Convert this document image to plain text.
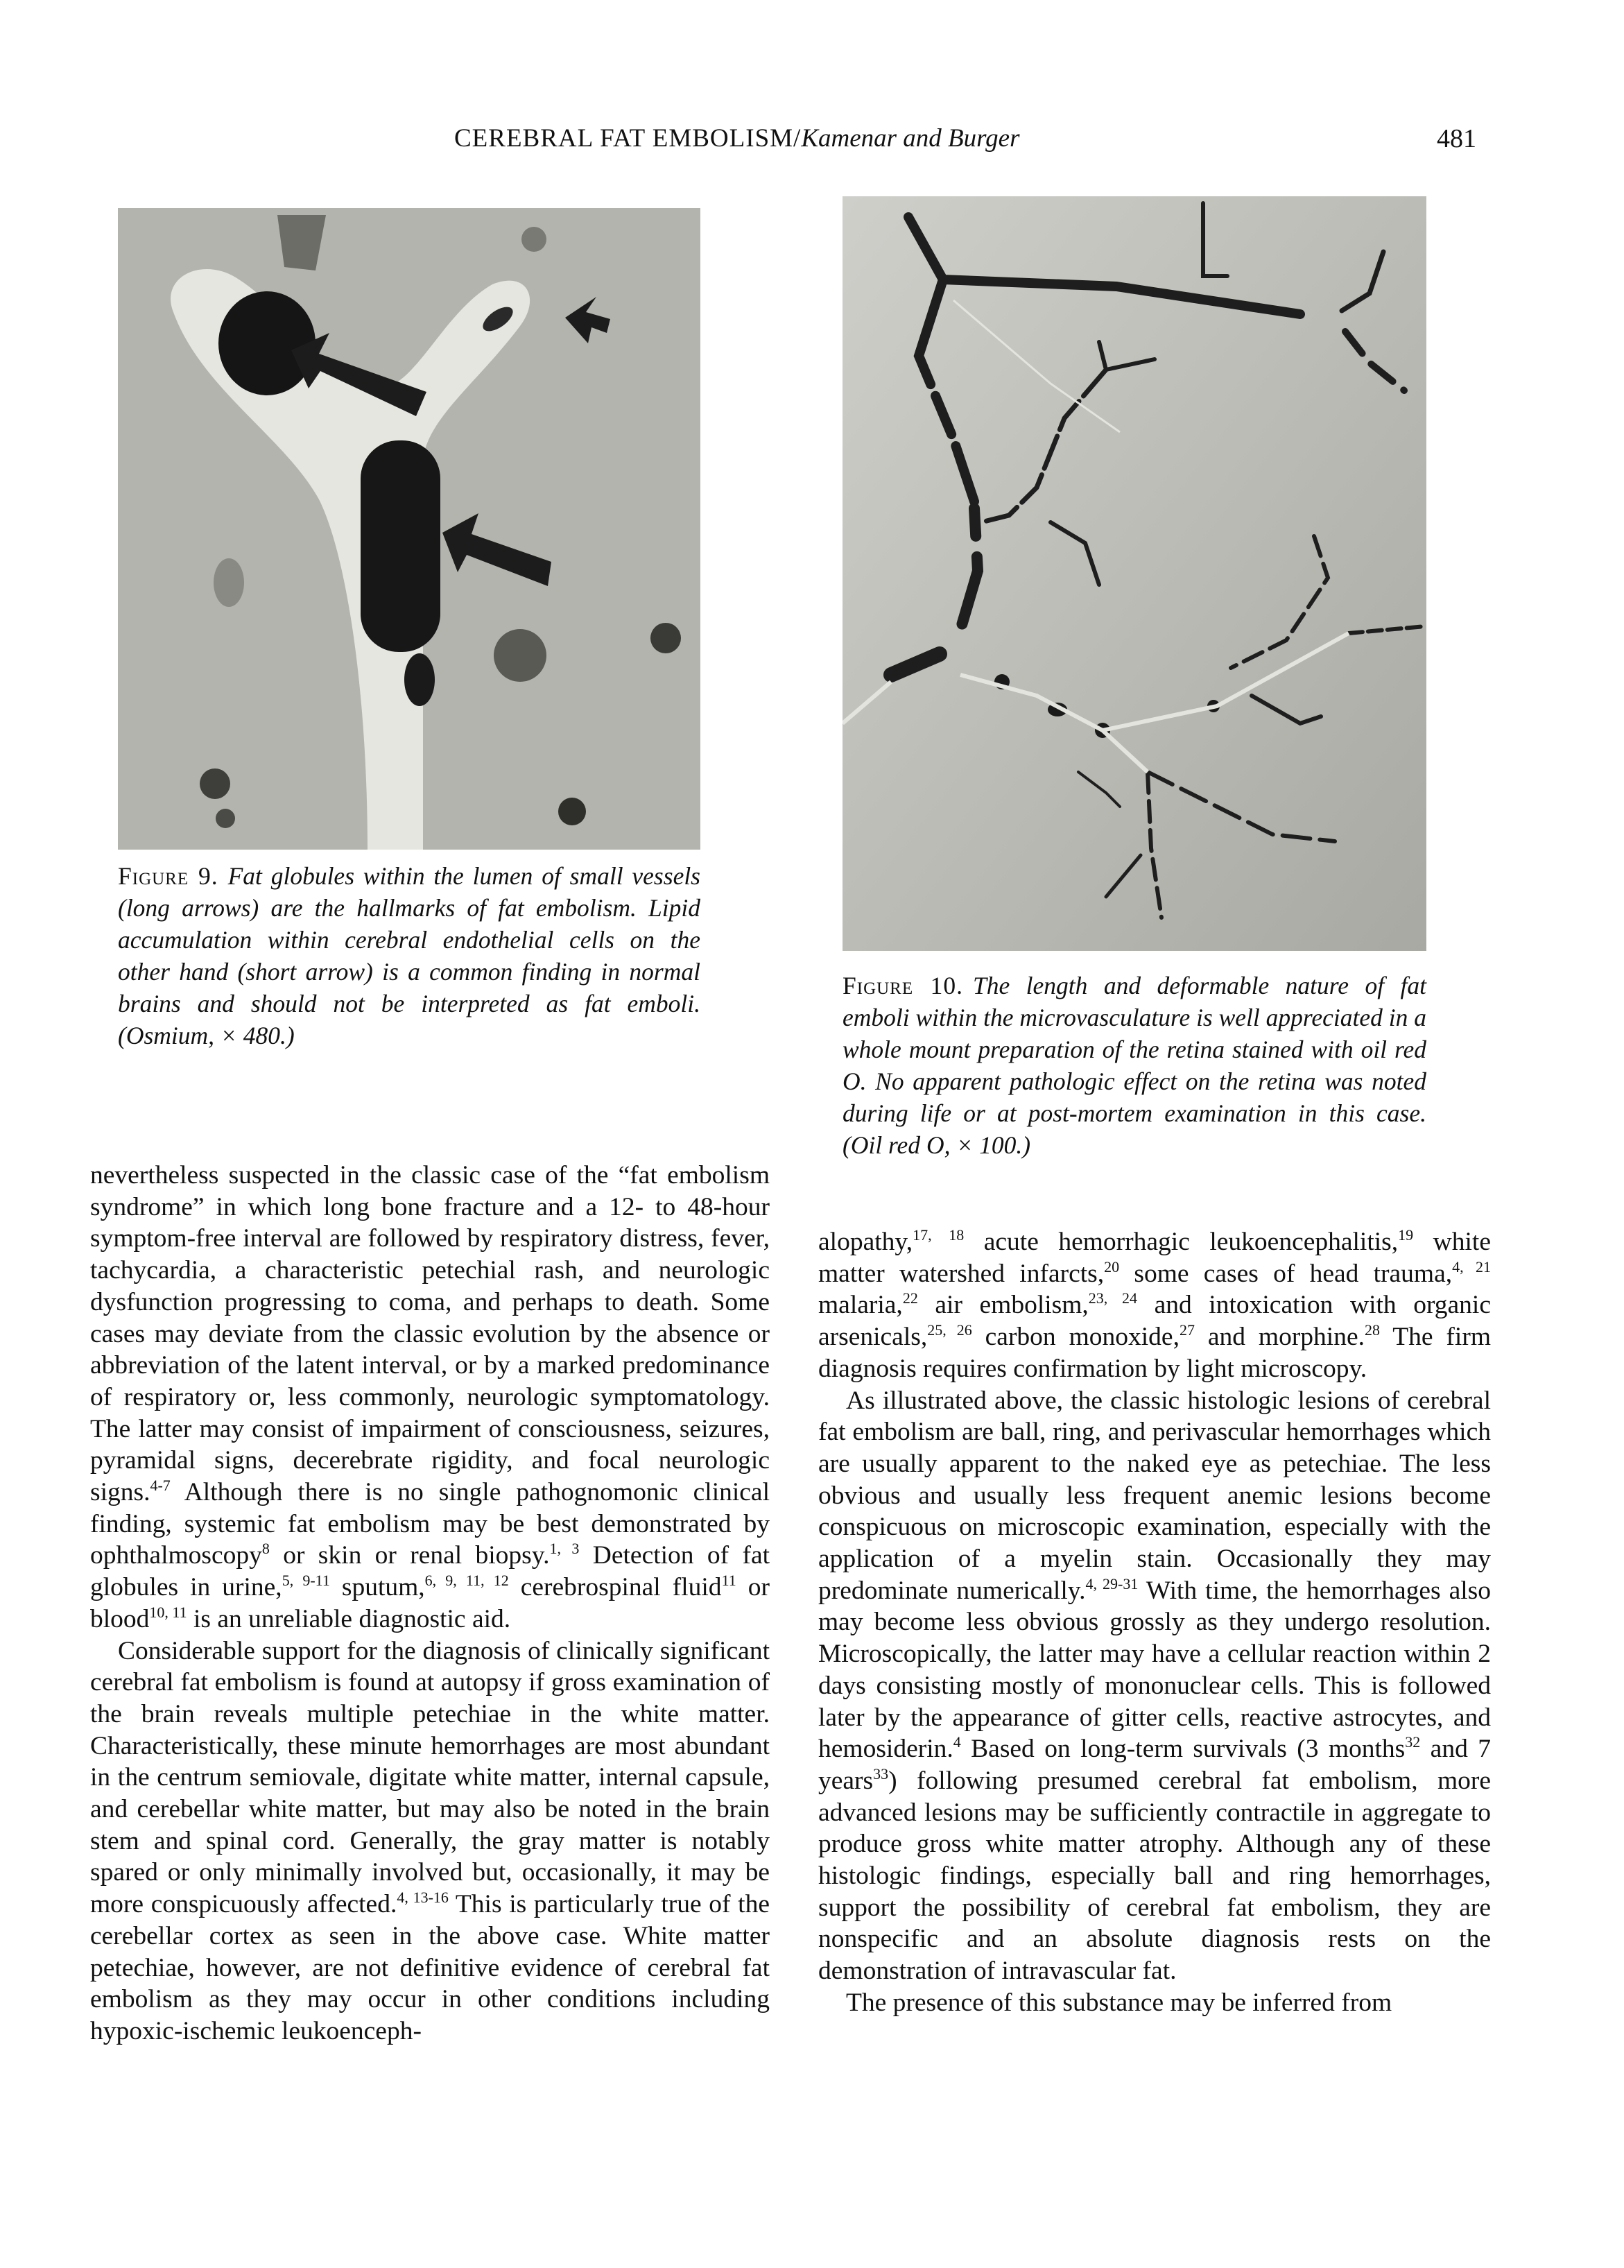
CEREBRAL FAT EMBOLISM/Kamenar and Burger	481
Figure 9. Fat globules within the lumen of small vessels (long arrows) are the hallmarks of fat embolism. Lipid accumulation within cerebral endothelial cells on the other hand (short arrow) is a common finding in normal brains and should not be interpreted as fat emboli. (Osmium, × 480.)
Figure 10. The length and deformable nature of fat emboli within the microvasculature is well appreciated in a whole mount preparation of the retina stained with oil red O. No apparent pathologic effect on the retina was noted during life or at post-mortem examination in this case. (Oil red O, × 100.)

nevertheless suspected in the classic case of the “fat embolism syndrome” in which long bone fracture and a 12- to 48-hour symptom-free interval are followed by respiratory distress, fever, tachycardia, a characteristic petechial rash, and neurologic dysfunction progressing to coma, and perhaps to death. Some cases may deviate from the classic evolution by the absence or abbreviation of the latent interval, or by a marked predominance of respiratory or, less commonly, neurologic symptomatology. The latter may consist of impairment of consciousness, seizures, pyramidal signs, decerebrate rigidity, and focal neurologic signs.$^{4-7}$ Although there is no single pathognomonic clinical finding, systemic fat embolism may be best demonstrated by ophthalmoscopy$^8$ or skin or renal biopsy.$^{1, 3}$ Detection of fat globules in urine,$^{5, 9-11}$ sputum,$^{6, 9, 11, 12}$ cerebrospinal fluid$^{11}$ or blood$^{10, 11}$ is an unreliable diagnostic aid.

Considerable support for the diagnosis of clinically significant cerebral fat embolism is found at autopsy if gross examination of the brain reveals multiple petechiae in the white matter. Characteristically, these minute hemorrhages are most abundant in the centrum semiovale, digitate white matter, internal capsule, and cerebellar white matter, but may also be noted in the brain stem and spinal cord. Generally, the gray matter is notably spared or only minimally involved but, occasionally, it may be more conspicuously affected.$^{4, 13-16}$ This is particularly true of the cerebellar cortex as seen in the above case. White matter petechiae, however, are not definitive evidence of cerebral fat embolism as they may occur in other conditions including hypoxic-ischemic leukoenceph-

alopathy,$^{17, 18}$ acute hemorrhagic leukoencephalitis,$^{19}$ white matter watershed infarcts,$^{20}$ some cases of head trauma,$^{4, 21}$ malaria,$^{22}$ air embolism,$^{23, 24}$ and intoxication with organic arsenicals,$^{25, 26}$ carbon monoxide,$^{27}$ and morphine.$^{28}$ The firm diagnosis requires confirmation by light microscopy.

As illustrated above, the classic histologic lesions of cerebral fat embolism are ball, ring, and perivascular hemorrhages which are usually apparent to the naked eye as petechiae. The less obvious and usually less frequent anemic lesions become conspicuous on microscopic examination, especially with the application of a myelin stain. Occasionally they may predominate numerically.$^{4, 29-31}$ With time, the hemorrhages also may become less obvious grossly as they undergo resolution. Microscopically, the latter may have a cellular reaction within 2 days consisting mostly of mononuclear cells. This is followed later by the appearance of gitter cells, reactive astrocytes, and hemosiderin.$^4$ Based on long-term survivals (3 months$^{32}$ and 7 years$^{33}$) following presumed cerebral fat embolism, more advanced lesions may be sufficiently contractile in aggregate to produce gross white matter atrophy. Although any of these histologic findings, especially ball and ring hemorrhages, support the possibility of cerebral fat embolism, they are nonspecific and an absolute diagnosis rests on the demonstration of intravascular fat.

The presence of this substance may be inferred from
